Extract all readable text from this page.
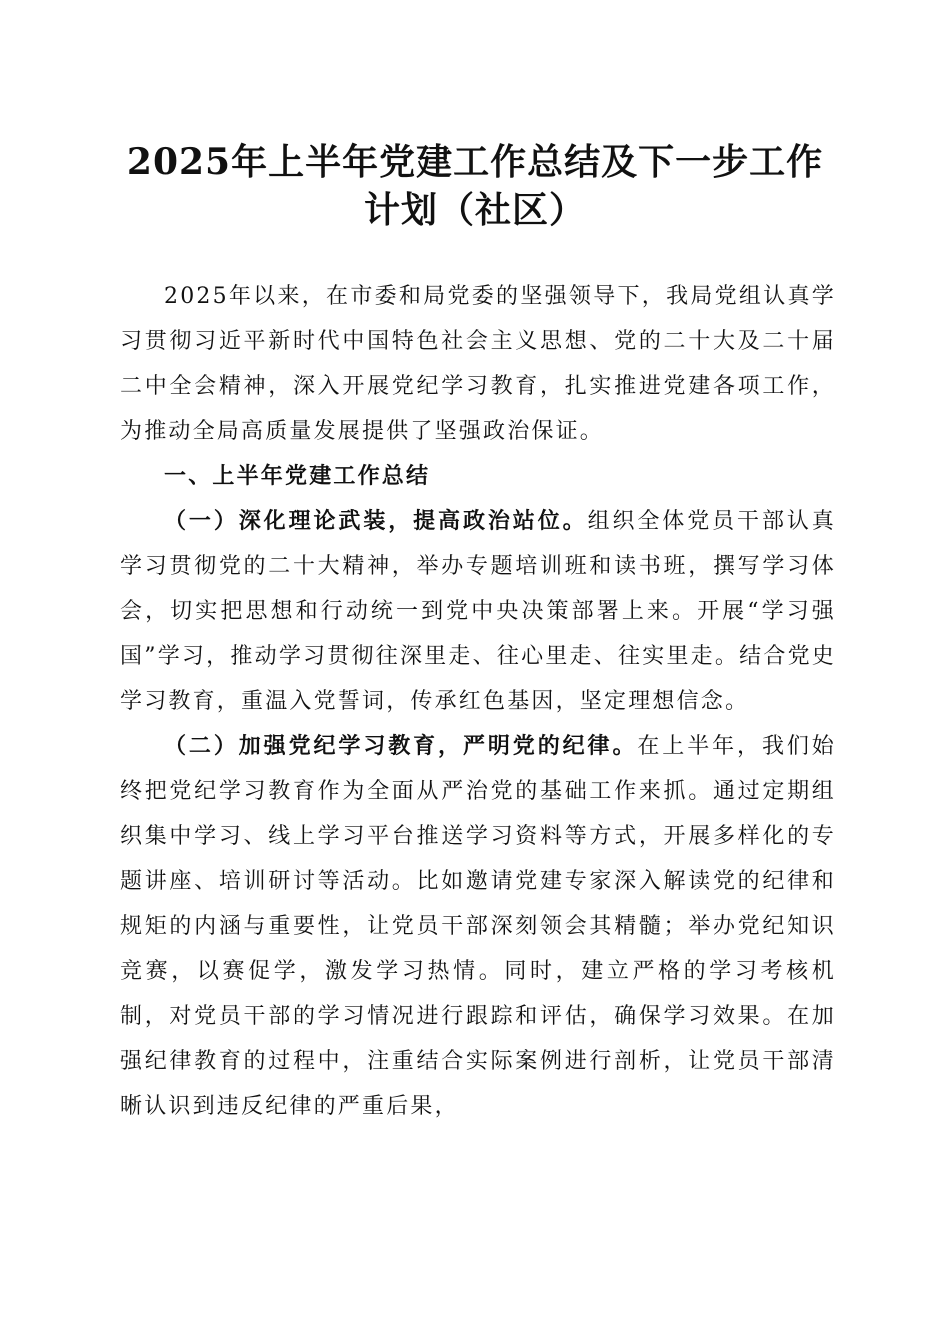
2025年上半年党建工作总结及下一步工作计划（社区）

2025年以来，在市委和局党委的坚强领导下，我局党组认真学习贯彻习近平新时代中国特色社会主义思想、党的二十大及二十届二中全会精神，深入开展党纪学习教育，扎实推进党建各项工作，为推动全局高质量发展提供了坚强政治保证。

一、上半年党建工作总结

（一）深化理论武装，提高政治站位。组织全体党员干部认真学习贯彻党的二十大精神，举办专题培训班和读书班，撰写学习体会，切实把思想和行动统一到党中央决策部署上来。开展“学习强国”学习，推动学习贯彻往深里走、往心里走、往实里走。结合党史学习教育，重温入党誓词，传承红色基因，坚定理想信念。

（二）加强党纪学习教育，严明党的纪律。在上半年，我们始终把党纪学习教育作为全面从严治党的基础工作来抓。通过定期组织集中学习、线上学习平台推送学习资料等方式，开展多样化的专题讲座、培训研讨等活动。比如邀请党建专家深入解读党的纪律和规矩的内涵与重要性，让党员干部深刻领会其精髓；举办党纪知识竞赛，以赛促学，激发学习热情。同时，建立严格的学习考核机制，对党员干部的学习情况进行跟踪和评估，确保学习效果。在加强纪律教育的过程中，注重结合实际案例进行剖析，让党员干部清晰认识到违反纪律的严重后果，
